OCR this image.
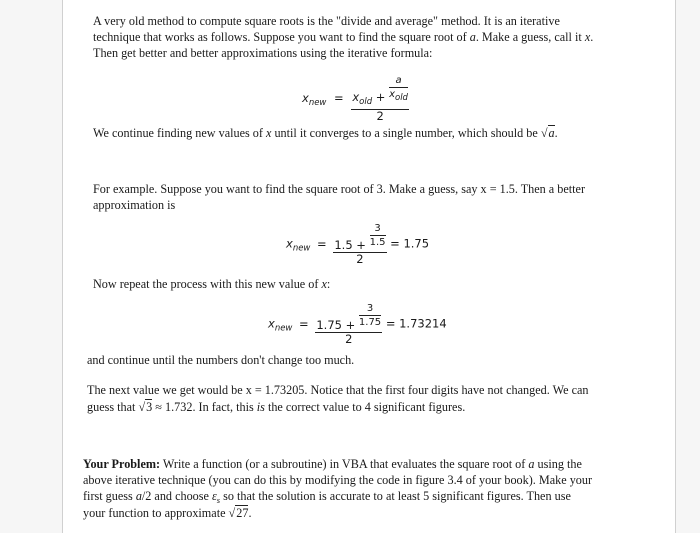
A very old method to compute square roots is the "divide and average" method. It is an iterative
technique that works as follows. Suppose you want to find the square root of a. Make a guess, call it x.
Then get better and better approximations using the iterative formula:
$x_{new} = \frac{x_{old} + \frac{a}{x_{old}}}{2}$
We continue finding new values of x until it converges to a single number, which should be √a.
For example. Suppose you want to find the square root of 3. Make a guess, say x = 1.5. Then a better
approximation is
$x_{new} = \frac{1.5 + \frac{3}{1.5}}{2} = 1.75$
Now repeat the process with this new value of x:
$x_{new} = \frac{1.75 + \frac{3}{1.75}}{2} = 1.73214$
and continue until the numbers don't change too much.
The next value we get would be x = 1.73205. Notice that the first four digits have not changed. We can
guess that √3 ≈ 1.732. In fact, this is the correct value to 4 significant figures.
Your Problem: Write a function (or a subroutine) in VBA that evaluates the square root of a using the
above iterative technique (you can do this by modifying the code in figure 3.4 of your book). Make your
first guess a/2 and choose $\varepsilon_s$ so that the solution is accurate to at least 5 significant figures. Then use
your function to approximate √27.
